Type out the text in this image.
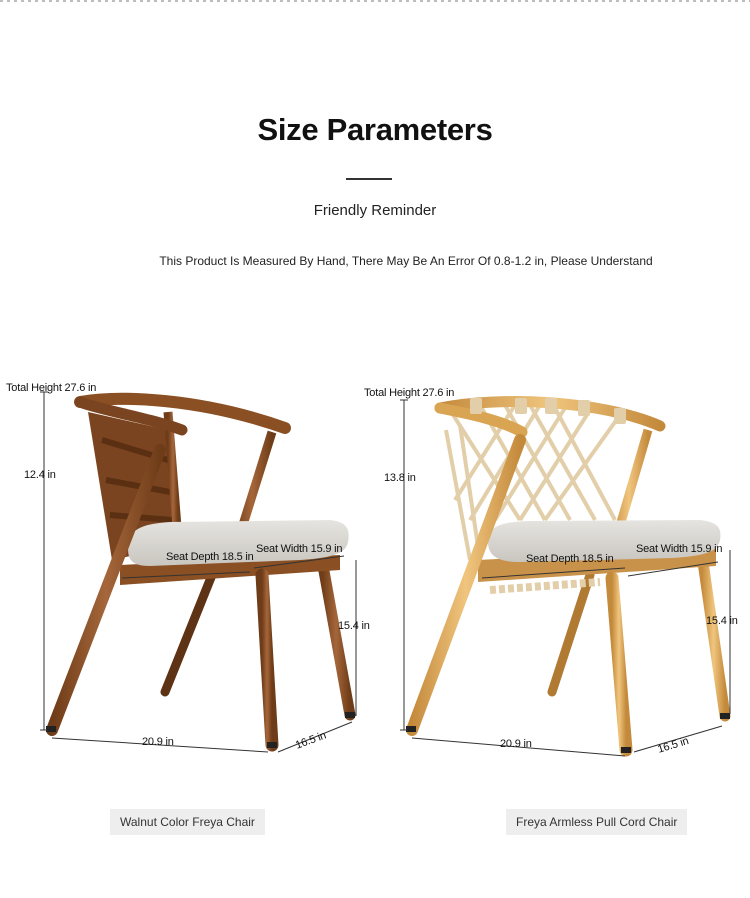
Size Parameters
Friendly Reminder
This Product Is Measured By Hand, There May Be An Error Of 0.8-1.2 in, Please Understand
Total Height 27.6 in
12.4 in
Seat Depth 18.5 in
Seat Width 15.9 in
15.4 in
20.9 in	16.5 in
Walnut Color Freya Chair
Total Height 27.6 in
13.8 in
Seat Depth 18.5 in
Seat Width 15.9 in
15.4 in
20.9 in	16.5 in
Freya Armless Pull Cord Chair
